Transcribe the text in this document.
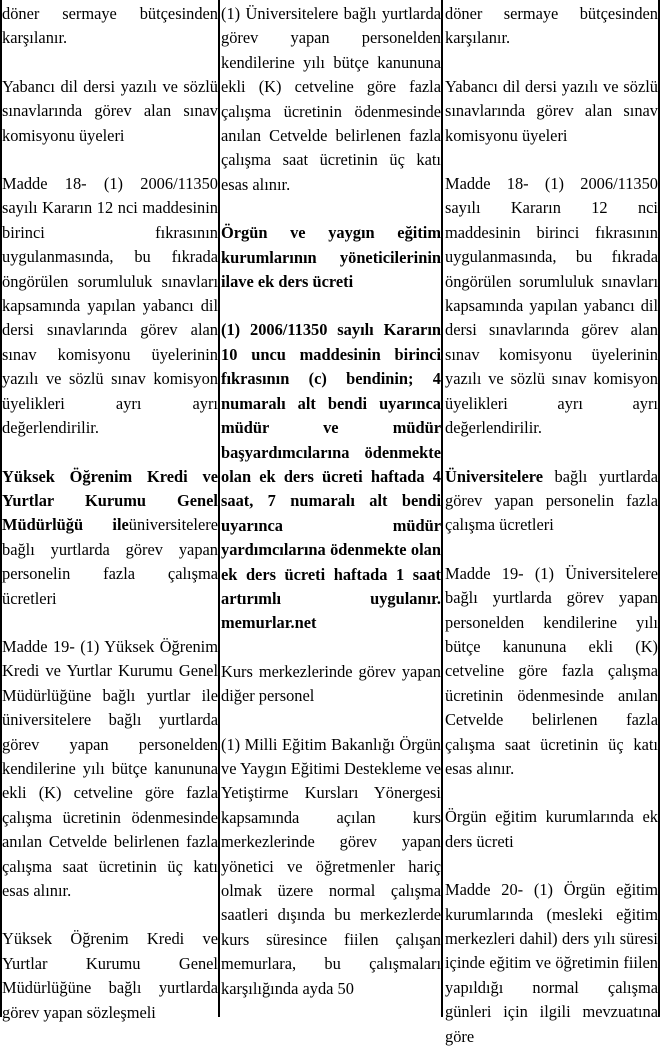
döner sermaye bütçesinden karşılanır.

Yabancı dil dersi yazılı ve sözlü sınavlarında görev alan sınav komisyonu üyeleri

Madde 18- (1) 2006/11350 sayılı Kararın 12 nci maddesinin birinci fıkrasının uygulanmasında, bu fıkrada öngörülen sorumluluk sınavları kapsamında yapılan yabancı dil dersi sınavlarında görev alan sınav komisyonu üyelerinin yazılı ve sözlü sınav komisyon üyelikleri ayrı ayrı değerlendirilir.

Yüksek Öğrenim Kredi ve Yurtlar Kurumu Genel Müdürlüğü ileüniversitelere bağlı yurtlarda görev yapan personelin fazla çalışma ücretleri

Madde 19- (1) Yüksek Öğrenim Kredi ve Yurtlar Kurumu Genel Müdürlüğüne bağlı yurtlar ile üniversitelere bağlı yurtlarda görev yapan personelden kendilerine yılı bütçe kanununa ekli (K) cetveline göre fazla çalışma ücretinin ödenmesinde anılan Cetvelde belirlenen fazla çalışma saat ücretinin üç katı esas alınır.

Yüksek Öğrenim Kredi ve Yurtlar Kurumu Genel Müdürlüğüne bağlı yurtlarda görev yapan sözleşmeli

(1) Üniversitelere bağlı yurtlarda görev yapan personelden kendilerine yılı bütçe kanununa ekli (K) cetveline göre fazla çalışma ücretinin ödenmesinde anılan Cetvelde belirlenen fazla çalışma saat ücretinin üç katı esas alınır.

Örgün ve yaygın eğitim kurumlarının yöneticilerinin ilave ek ders ücreti

(1) 2006/11350 sayılı Kararın 10 uncu maddesinin birinci fıkrasının (c) bendinin; 4 numaralı alt bendi uyarınca müdür ve müdür başyardımcılarına ödenmekte olan ek ders ücreti haftada 4 saat, 7 numaralı alt bendi uyarınca müdür yardımcılarına ödenmekte olan ek ders ücreti haftada 1 saat artırımlı uygulanır. memurlar.net

Kurs merkezlerinde görev yapan diğer personel

(1) Milli Eğitim Bakanlığı Örgün ve Yaygın Eğitimi Destekleme ve Yetiştirme Kursları Yönergesi kapsamında açılan kurs merkezlerinde görev yapan yönetici ve öğretmenler hariç olmak üzere normal çalışma saatleri dışında bu merkezlerde kurs süresince fiilen çalışan memurlara, bu çalışmaları karşılığında ayda 50

döner sermaye bütçesinden karşılanır.

Yabancı dil dersi yazılı ve sözlü sınavlarında görev alan sınav komisyonu üyeleri

Madde 18- (1) 2006/11350 sayılı Kararın 12 nci maddesinin birinci fıkrasının uygulanmasında, bu fıkrada öngörülen sorumluluk sınavları kapsamında yapılan yabancı dil dersi sınavlarında görev alan sınav komisyonu üyelerinin yazılı ve sözlü sınav komisyon üyelikleri ayrı ayrı değerlendirilir.

Üniversitelere bağlı yurtlarda görev yapan personelin fazla çalışma ücretleri

Madde 19- (1) Üniversitelere bağlı yurtlarda görev yapan personelden kendilerine yılı bütçe kanununa ekli (K) cetveline göre fazla çalışma ücretinin ödenmesinde anılan Cetvelde belirlenen fazla çalışma saat ücretinin üç katı esas alınır.

Örgün eğitim kurumlarında ek ders ücreti

Madde 20- (1) Örgün eğitim kurumlarında (mesleki eğitim merkezleri dahil) ders yılı süresi içinde eğitim ve öğretimin fiilen yapıldığı normal çalışma günleri için ilgili mevzuatına göre
